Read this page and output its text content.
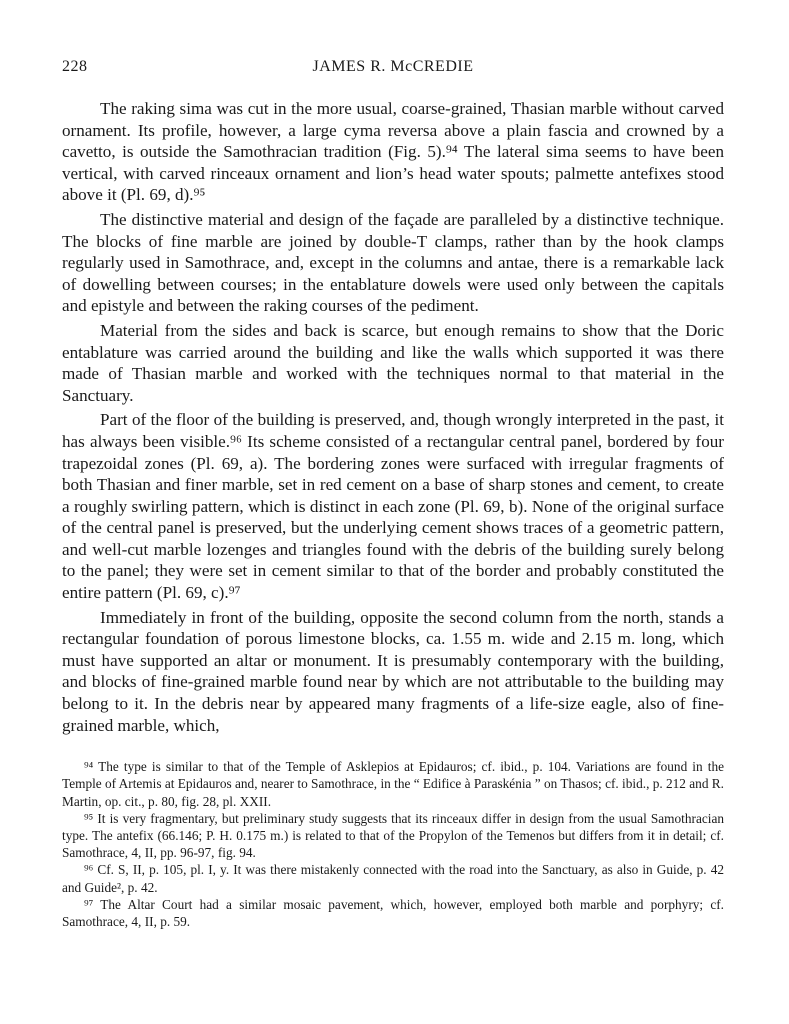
228	JAMES R. McCREDIE

The raking sima was cut in the more usual, coarse-grained, Thasian marble without carved ornament. Its profile, however, a large cyma reversa above a plain fascia and crowned by a cavetto, is outside the Samothracian tradition (Fig. 5).⁹⁴ The lateral sima seems to have been vertical, with carved rinceaux ornament and lion’s head water spouts; palmette antefixes stood above it (Pl. 69, d).⁹⁵

The distinctive material and design of the façade are paralleled by a distinctive technique. The blocks of fine marble are joined by double-T clamps, rather than by the hook clamps regularly used in Samothrace, and, except in the columns and antae, there is a remarkable lack of dowelling between courses; in the entablature dowels were used only between the capitals and epistyle and between the raking courses of the pediment.

Material from the sides and back is scarce, but enough remains to show that the Doric entablature was carried around the building and like the walls which supported it was there made of Thasian marble and worked with the techniques normal to that material in the Sanctuary.

Part of the floor of the building is preserved, and, though wrongly interpreted in the past, it has always been visible.⁹⁶ Its scheme consisted of a rectangular central panel, bordered by four trapezoidal zones (Pl. 69, a). The bordering zones were surfaced with irregular fragments of both Thasian and finer marble, set in red cement on a base of sharp stones and cement, to create a roughly swirling pattern, which is distinct in each zone (Pl. 69, b). None of the original surface of the central panel is preserved, but the underlying cement shows traces of a geometric pattern, and well-cut marble lozenges and triangles found with the debris of the building surely belong to the panel; they were set in cement similar to that of the border and probably constituted the entire pattern (Pl. 69, c).⁹⁷

Immediately in front of the building, opposite the second column from the north, stands a rectangular foundation of porous limestone blocks, ca. 1.55 m. wide and 2.15 m. long, which must have supported an altar or monument. It is presumably contemporary with the building, and blocks of fine-grained marble found near by which are not attributable to the building may belong to it. In the debris near by appeared many fragments of a life-size eagle, also of fine-grained marble, which,

⁹⁴ The type is similar to that of the Temple of Asklepios at Epidauros; cf. ibid., p. 104. Variations are found in the Temple of Artemis at Epidauros and, nearer to Samothrace, in the “ Edifice à Paraskénia ” on Thasos; cf. ibid., p. 212 and R. Martin, op. cit., p. 80, fig. 28, pl. XXII.

⁹⁵ It is very fragmentary, but preliminary study suggests that its rinceaux differ in design from the usual Samothracian type. The antefix (66.146; P. H. 0.175 m.) is related to that of the Propylon of the Temenos but differs from it in detail; cf. Samothrace, 4, II, pp. 96-97, fig. 94.

⁹⁶ Cf. S, II, p. 105, pl. I, y. It was there mistakenly connected with the road into the Sanctuary, as also in Guide, p. 42 and Guide², p. 42.

⁹⁷ The Altar Court had a similar mosaic pavement, which, however, employed both marble and porphyry; cf. Samothrace, 4, II, p. 59.
